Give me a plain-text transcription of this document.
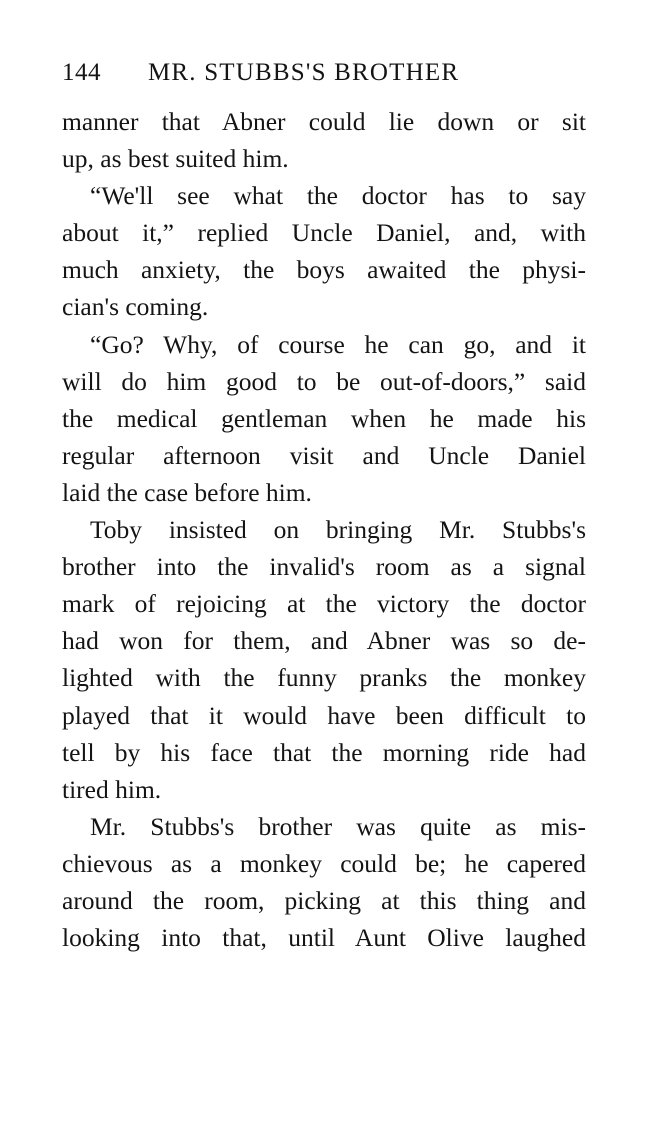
144 MR. STUBBS'S BROTHER
manner that Abner could lie down or sit
up, as best suited him.
“We'll see what the doctor has to say
about it,” replied Uncle Daniel, and, with
much anxiety, the boys awaited the physi-
cian's coming.
“Go? Why, of course he can go, and it
will do him good to be out-of-doors,” said
the medical gentleman when he made his
regular afternoon visit and Uncle Daniel
laid the case before him.
Toby insisted on bringing Mr. Stubbs's
brother into the invalid's room as a signal
mark of rejoicing at the victory the doctor
had won for them, and Abner was so de-
lighted with the funny pranks the monkey
played that it would have been difficult to
tell by his face that the morning ride had
tired him.
Mr. Stubbs's brother was quite as mis-
chievous as a monkey could be; he capered
around the room, picking at this thing and
looking into that, until Aunt Olive laughed
